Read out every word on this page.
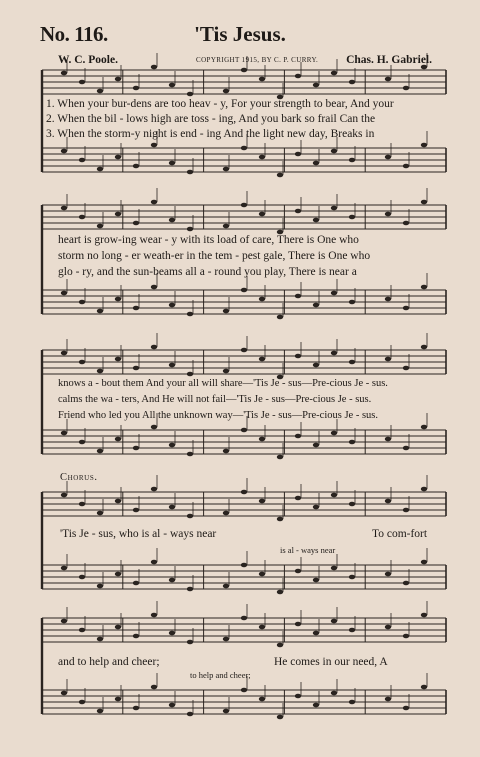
No. 116.	'Tis Jesus.
W. C. Poole.	COPYRIGHT 1915, BY C. P. CURRY. Chas. H. Gabriel.
1. When your bur-dens are too heav - y, For your strength to bear, And your
2. When the bil - lows high are toss - ing, And you bark so frail Can the
3. When the storm-y night is end - ing And the light new day, Breaks in
heart is grow-ing wear - y with its load of care, There is One who
storm no long - er weath-er in the tem - pest gale, There is One who
glo - ry, and the sun-beams all a - round you play, There is near a
knows a - bout them And your all will share—'Tis Je - sus—Pre-cious Je - sus.
calms the wa - ters, And He will not fail—'Tis Je - sus—Pre-cious Je - sus.
Friend who led you All the unknown way—'Tis Je - sus—Pre-cious Je - sus.
Chorus.
'Tis Je - sus, who is al - ways near	To com-fort
is al - ways near
and to help and cheer;	He comes in our need, A
to help and cheer;
